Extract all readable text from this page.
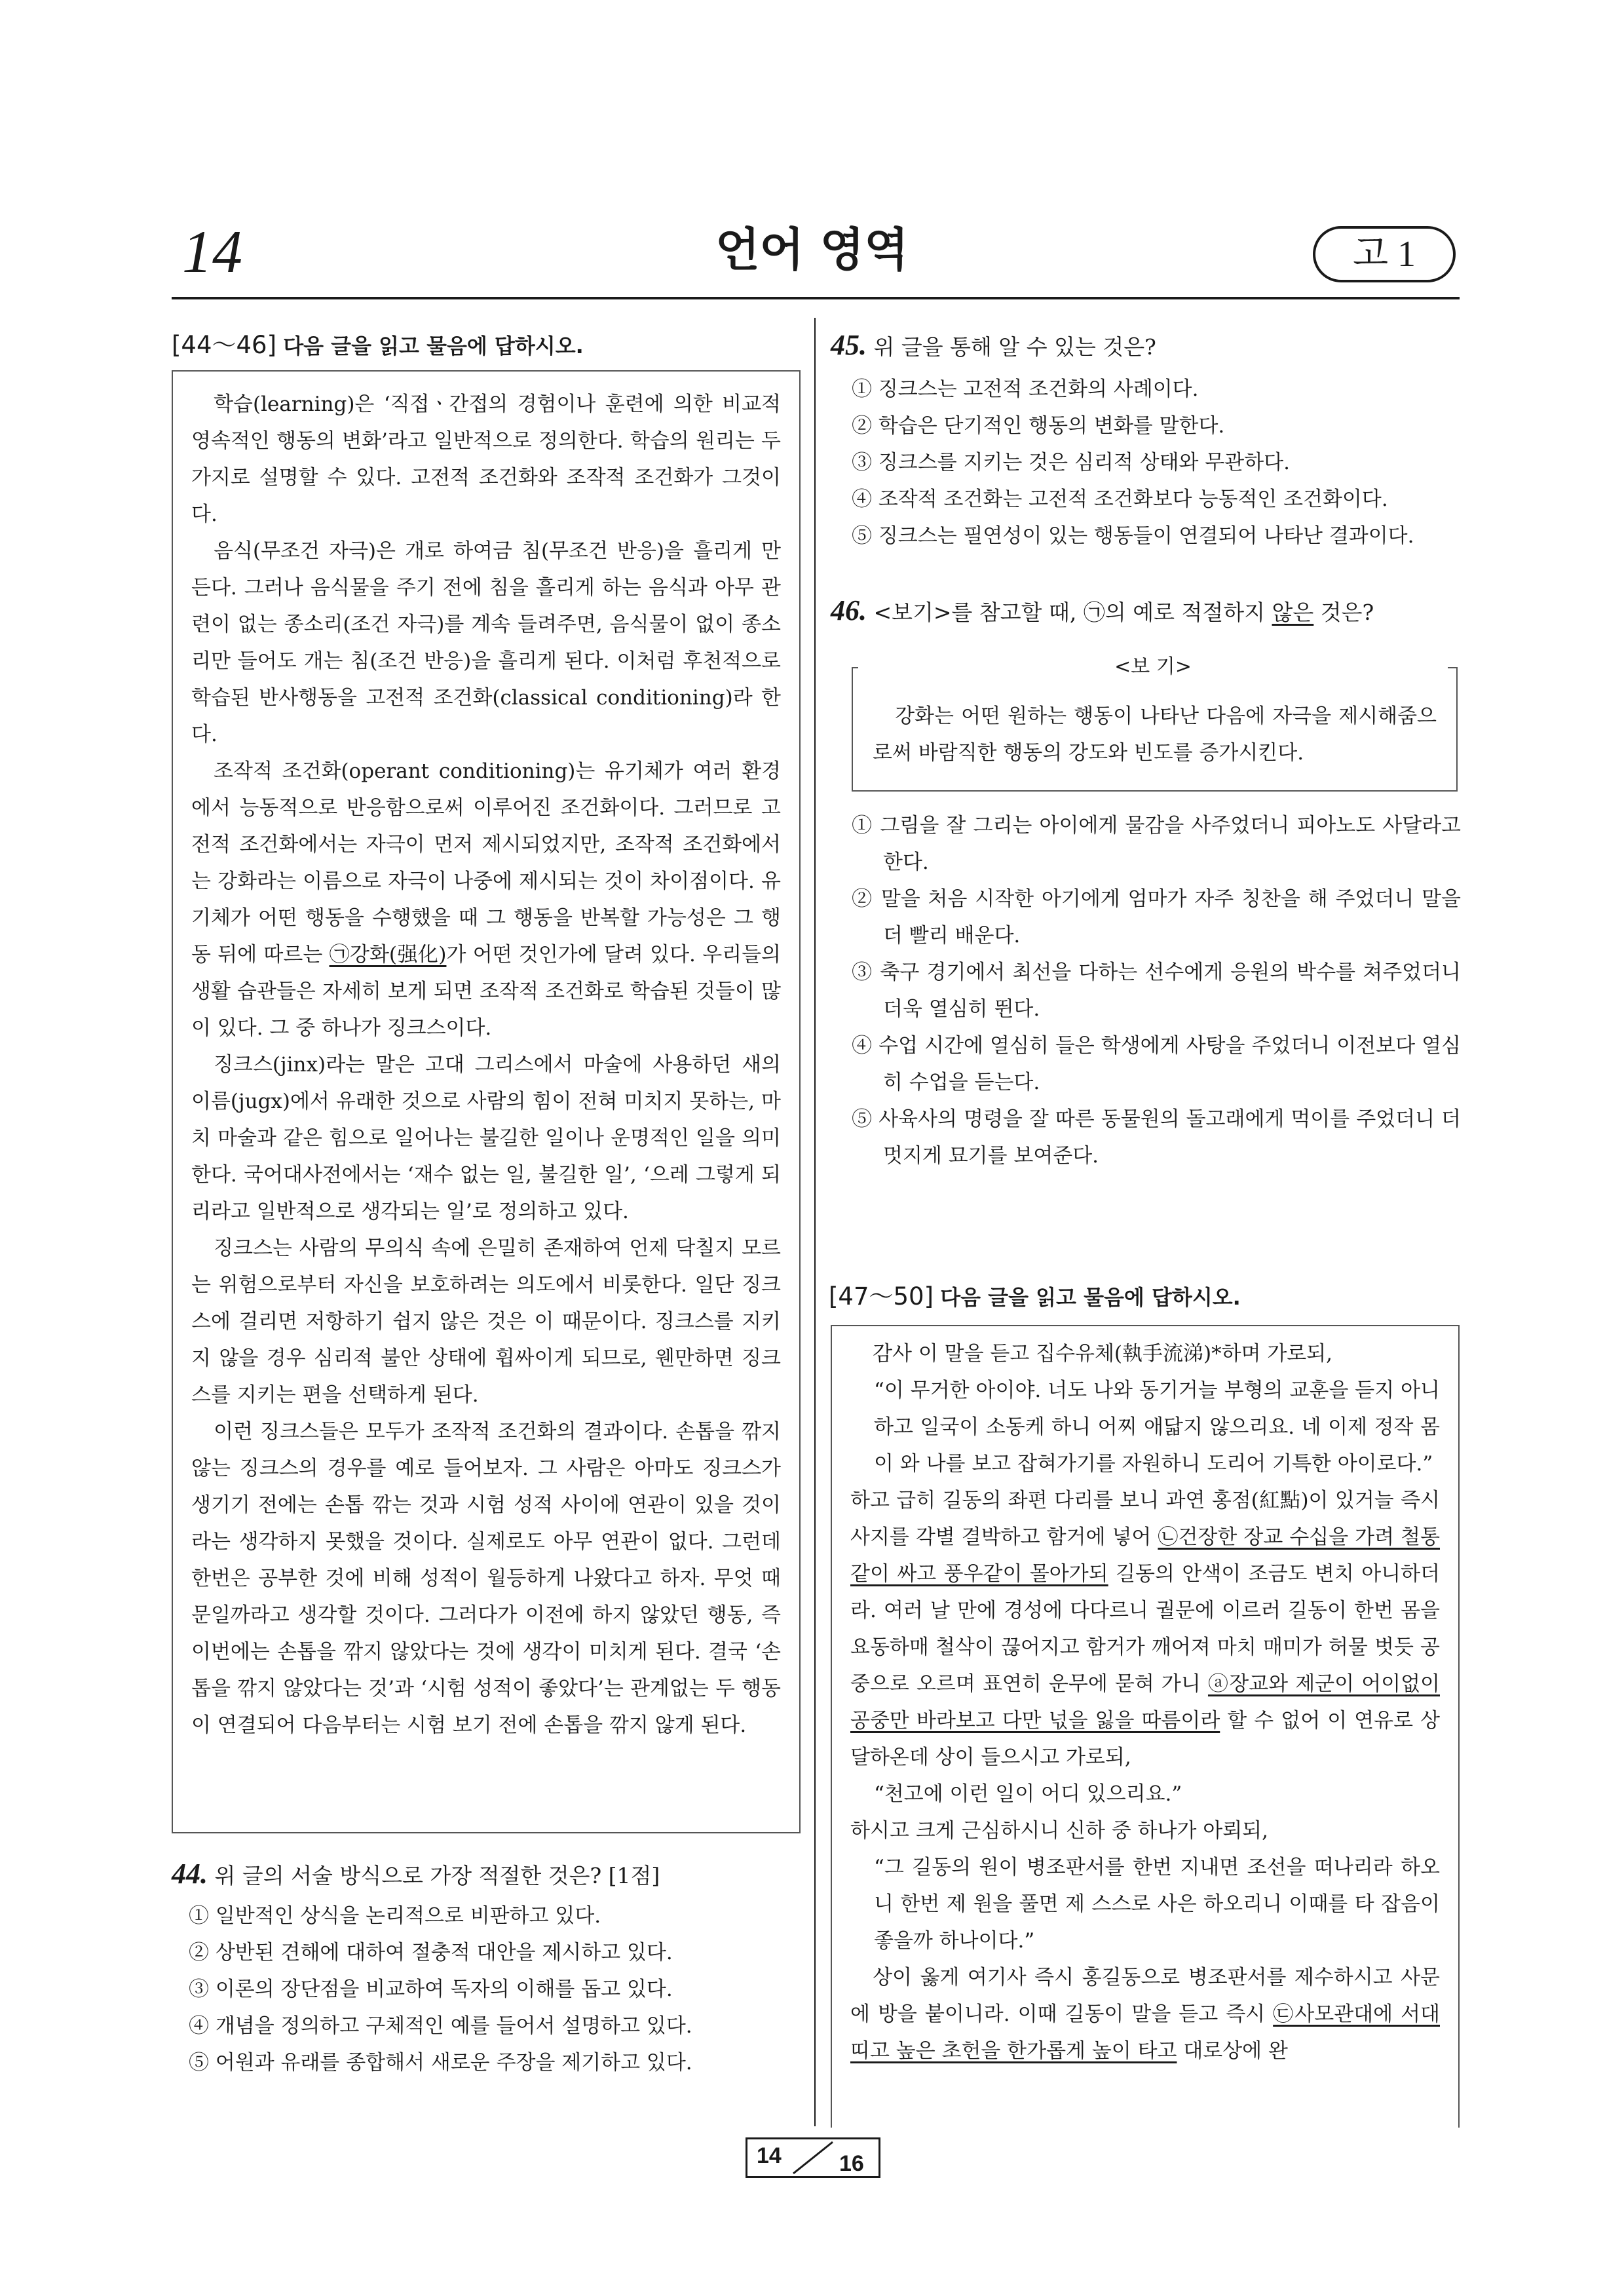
14	언어 영역	고 1
[44～46] 다음 글을 읽고 물음에 답하시오.
학습(learning)은 ‘직접ㆍ간접의 경험이나 훈련에 의한 비교적 영속적인 행동의 변화’라고 일반적으로 정의한다. 학습의 원리는 두 가지로 설명할 수 있다. 고전적 조건화와 조작적 조건화가 그것이다.
음식(무조건 자극)은 개로 하여금 침(무조건 반응)을 흘리게 만든다. 그러나 음식물을 주기 전에 침을 흘리게 하는 음식과 아무 관련이 없는 종소리(조건 자극)를 계속 들려주면, 음식물이 없이 종소리만 들어도 개는 침(조건 반응)을 흘리게 된다. 이처럼 후천적으로 학습된 반사행동을 고전적 조건화(classical conditioning)라 한다.
조작적 조건화(operant conditioning)는 유기체가 여러 환경에서 능동적으로 반응함으로써 이루어진 조건화이다. 그러므로 고전적 조건화에서는 자극이 먼저 제시되었지만, 조작적 조건화에서는 강화라는 이름으로 자극이 나중에 제시되는 것이 차이점이다. 유기체가 어떤 행동을 수행했을 때 그 행동을 반복할 가능성은 그 행동 뒤에 따르는 ㉠강화(强化)가 어떤 것인가에 달려 있다. 우리들의 생활 습관들은 자세히 보게 되면 조작적 조건화로 학습된 것들이 많이 있다. 그 중 하나가 징크스이다.
징크스(jinx)라는 말은 고대 그리스에서 마술에 사용하던 새의 이름(jugx)에서 유래한 것으로 사람의 힘이 전혀 미치지 못하는, 마치 마술과 같은 힘으로 일어나는 불길한 일이나 운명적인 일을 의미한다. 국어대사전에서는 ‘재수 없는 일, 불길한 일’, ‘으레 그렇게 되리라고 일반적으로 생각되는 일’로 정의하고 있다.
징크스는 사람의 무의식 속에 은밀히 존재하여 언제 닥칠지 모르는 위험으로부터 자신을 보호하려는 의도에서 비롯한다. 일단 징크스에 걸리면 저항하기 쉽지 않은 것은 이 때문이다. 징크스를 지키지 않을 경우 심리적 불안 상태에 휩싸이게 되므로, 웬만하면 징크스를 지키는 편을 선택하게 된다.
이런 징크스들은 모두가 조작적 조건화의 결과이다. 손톱을 깎지 않는 징크스의 경우를 예로 들어보자. 그 사람은 아마도 징크스가 생기기 전에는 손톱 깎는 것과 시험 성적 사이에 연관이 있을 것이라는 생각하지 못했을 것이다. 실제로도 아무 연관이 없다. 그런데 한번은 공부한 것에 비해 성적이 월등하게 나왔다고 하자. 무엇 때문일까라고 생각할 것이다. 그러다가 이전에 하지 않았던 행동, 즉 이번에는 손톱을 깎지 않았다는 것에 생각이 미치게 된다. 결국 ‘손톱을 깎지 않았다는 것’과 ‘시험 성적이 좋았다’는 관계없는 두 행동이 연결되어 다음부터는 시험 보기 전에 손톱을 깎지 않게 된다.
44. 위 글의 서술 방식으로 가장 적절한 것은? [1점]
① 일반적인 상식을 논리적으로 비판하고 있다.
② 상반된 견해에 대하여 절충적 대안을 제시하고 있다.
③ 이론의 장단점을 비교하여 독자의 이해를 돕고 있다.
④ 개념을 정의하고 구체적인 예를 들어서 설명하고 있다.
⑤ 어원과 유래를 종합해서 새로운 주장을 제기하고 있다.
45. 위 글을 통해 알 수 있는 것은?
① 징크스는 고전적 조건화의 사례이다.
② 학습은 단기적인 행동의 변화를 말한다.
③ 징크스를 지키는 것은 심리적 상태와 무관하다.
④ 조작적 조건화는 고전적 조건화보다 능동적인 조건화이다.
⑤ 징크스는 필연성이 있는 행동들이 연결되어 나타난 결과이다.
46. <보기>를 참고할 때, ㉠의 예로 적절하지 않은 것은?
강화는 어떤 원하는 행동이 나타난 다음에 자극을 제시해줌으로써 바람직한 행동의 강도와 빈도를 증가시킨다.
<보 기>
① 그림을 잘 그리는 아이에게 물감을 사주었더니 피아노도 사달라고 한다.
② 말을 처음 시작한 아기에게 엄마가 자주 칭찬을 해 주었더니 말을 더 빨리 배운다.
③ 축구 경기에서 최선을 다하는 선수에게 응원의 박수를 쳐주었더니 더욱 열심히 뛴다.
④ 수업 시간에 열심히 들은 학생에게 사탕을 주었더니 이전보다 열심히 수업을 듣는다.
⑤ 사육사의 명령을 잘 따른 동물원의 돌고래에게 먹이를 주었더니 더 멋지게 묘기를 보여준다.
[47～50] 다음 글을 읽고 물음에 답하시오.
감사 이 말을 듣고 집수유체(執手流涕)*하며 가로되,
“이 무거한 아이야. 너도 나와 동기거늘 부형의 교훈을 듣지 아니하고 일국이 소동케 하니 어찌 애닯지 않으리요. 네 이제 정작 몸이 와 나를 보고 잡혀가기를 자원하니 도리어 기특한 아이로다.”
하고 급히 길동의 좌편 다리를 보니 과연 홍점(紅點)이 있거늘 즉시 사지를 각별 결박하고 함거에 넣어 ㉡건장한 장교 수십을 가려 철통같이 싸고 풍우같이 몰아가되 길동의 안색이 조금도 변치 아니하더라. 여러 날 만에 경성에 다다르니 궐문에 이르러 길동이 한번 몸을 요동하매 철삭이 끊어지고 함거가 깨어져 마치 매미가 허물 벗듯 공중으로 오르며 표연히 운무에 묻혀 가니 ⓐ장교와 제군이 어이없이 공중만 바라보고 다만 넋을 잃을 따름이라 할 수 없어 이 연유로 상달하온데 상이 들으시고 가로되,
“천고에 이런 일이 어디 있으리요.”
하시고 크게 근심하시니 신하 중 하나가 아뢰되,
“그 길동의 원이 병조판서를 한번 지내면 조선을 떠나리라 하오니 한번 제 원을 풀면 제 스스로 사은 하오리니 이때를 타 잡음이 좋을까 하나이다.”
상이 옳게 여기사 즉시 홍길동으로 병조판서를 제수하시고 사문에 방을 붙이니라. 이때 길동이 말을 듣고 즉시 ㉢사모관대에 서대 띠고 높은 초헌을 한가롭게 높이 타고 대로상에 완
14	16
